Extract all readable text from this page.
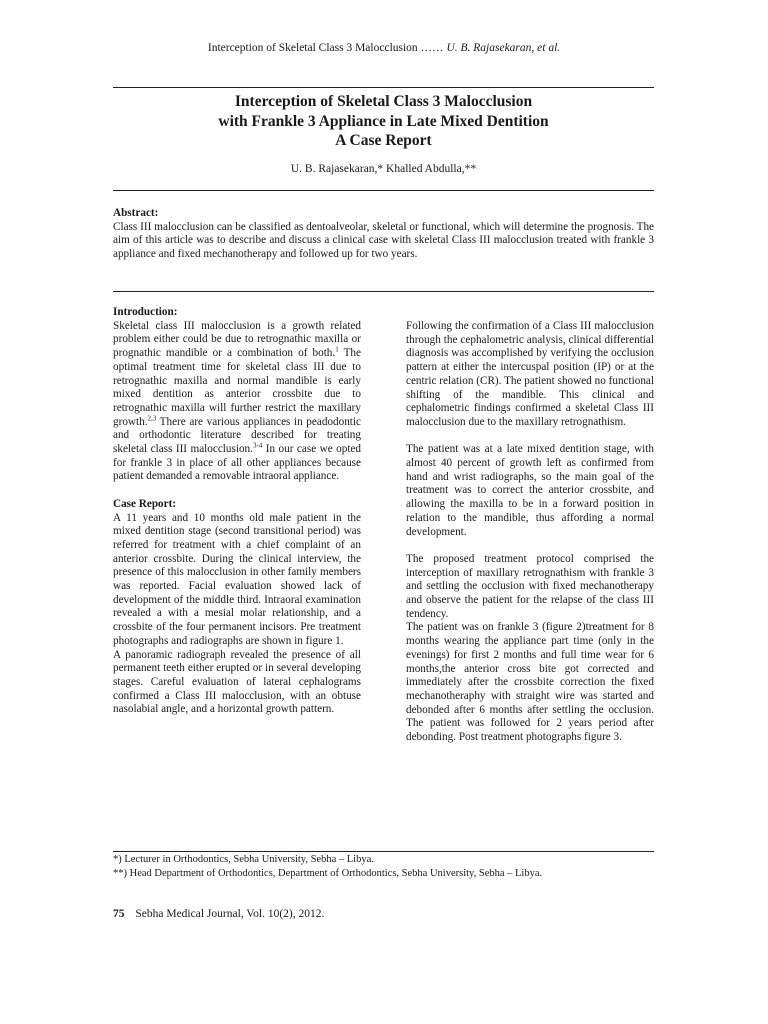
Interception of Skeletal Class 3 Malocclusion …… U. B. Rajasekaran, et al.
Interception of Skeletal Class 3 Malocclusion
with Frankle 3 Appliance in Late Mixed Dentition
A Case Report
U. B. Rajasekaran,* Khalled Abdulla,**
Abstract:
Class III malocclusion can be classified as dentoalveolar, skeletal or functional, which will determine the prognosis. The aim of this article was to describe and discuss a clinical case with skeletal Class III malocclusion treated with frankle 3 appliance and fixed mechanotherapy and followed up for two years.

Introduction:

Skeletal class III malocclusion is a growth related problem either could be due to retrognathic maxilla or prognathic mandible or a combination of both.$^1$ The optimal treatment time for skeletal class III due to retrognathic maxilla and normal mandible is early mixed dentition as anterior crossbite due to retrognathic maxilla will further restrict the maxillary growth.$^{2,3}$ There are various appliances in peadodontic and orthodontic literature described for treating skeletal class III malocclusion.$^{3-4}$ In our case we opted for frankle 3 in place of all other appliances because patient demanded a removable intraoral appliance.

Case Report:

A 11 years and 10 months old male patient in the mixed dentition stage (second transitional period) was referred for treatment with a chief complaint of an anterior crossbite. During the clinical interview, the presence of this malocclusion in other family members was reported. Facial evaluation showed lack of development of the middle third. Intraoral examination revealed a with a mesial molar relationship, and a crossbite of the four permanent incisors. Pre treatment photographs and radiographs are shown in figure 1.

A panoramic radiograph revealed the presence of all permanent teeth either erupted or in several developing stages. Careful evaluation of lateral cephalograms confirmed a Class III malocclusion, with an obtuse nasolabial angle, and a horizontal growth pattern.

Following the confirmation of a Class III malocclusion through the cephalometric analysis, clinical differential diagnosis was accomplished by verifying the occlusion pattern at either the intercuspal position (IP) or at the centric relation (CR). The patient showed no functional shifting of the mandible. This clinical and cephalometric findings confirmed a skeletal Class III malocclusion due to the maxillary retrognathism.

The patient was at a late mixed dentition stage, with almost 40 percent of growth left as confirmed from hand and wrist radiographs, so the main goal of the treatment was to correct the anterior crossbite, and allowing the maxilla to be in a forward position in relation to the mandible, thus affording a normal development.

The proposed treatment protocol comprised the interception of maxillary retrognathism with frankle 3 and settling the occlusion with fixed mechanotherapy and observe the patient for the relapse of the class III tendency.

The patient was on frankle 3 (figure 2)treatment for 8 months wearing the appliance part time (only in the evenings) for first 2 months and full time wear for 6 months,the anterior cross bite got corrected and immediately after the crossbite correction the fixed mechanotheraphy with straight wire was started and debonded after 6 months after settling the occlusion. The patient was followed for 2 years period after debonding. Post treatment photographs figure 3.

*) Lecturer in Orthodontics, Sebha University, Sebha – Libya.
**) Head Department of Orthodontics, Department of Orthodontics, Sebha University, Sebha – Libya.
75 Sebha Medical Journal, Vol. 10(2), 2012.
